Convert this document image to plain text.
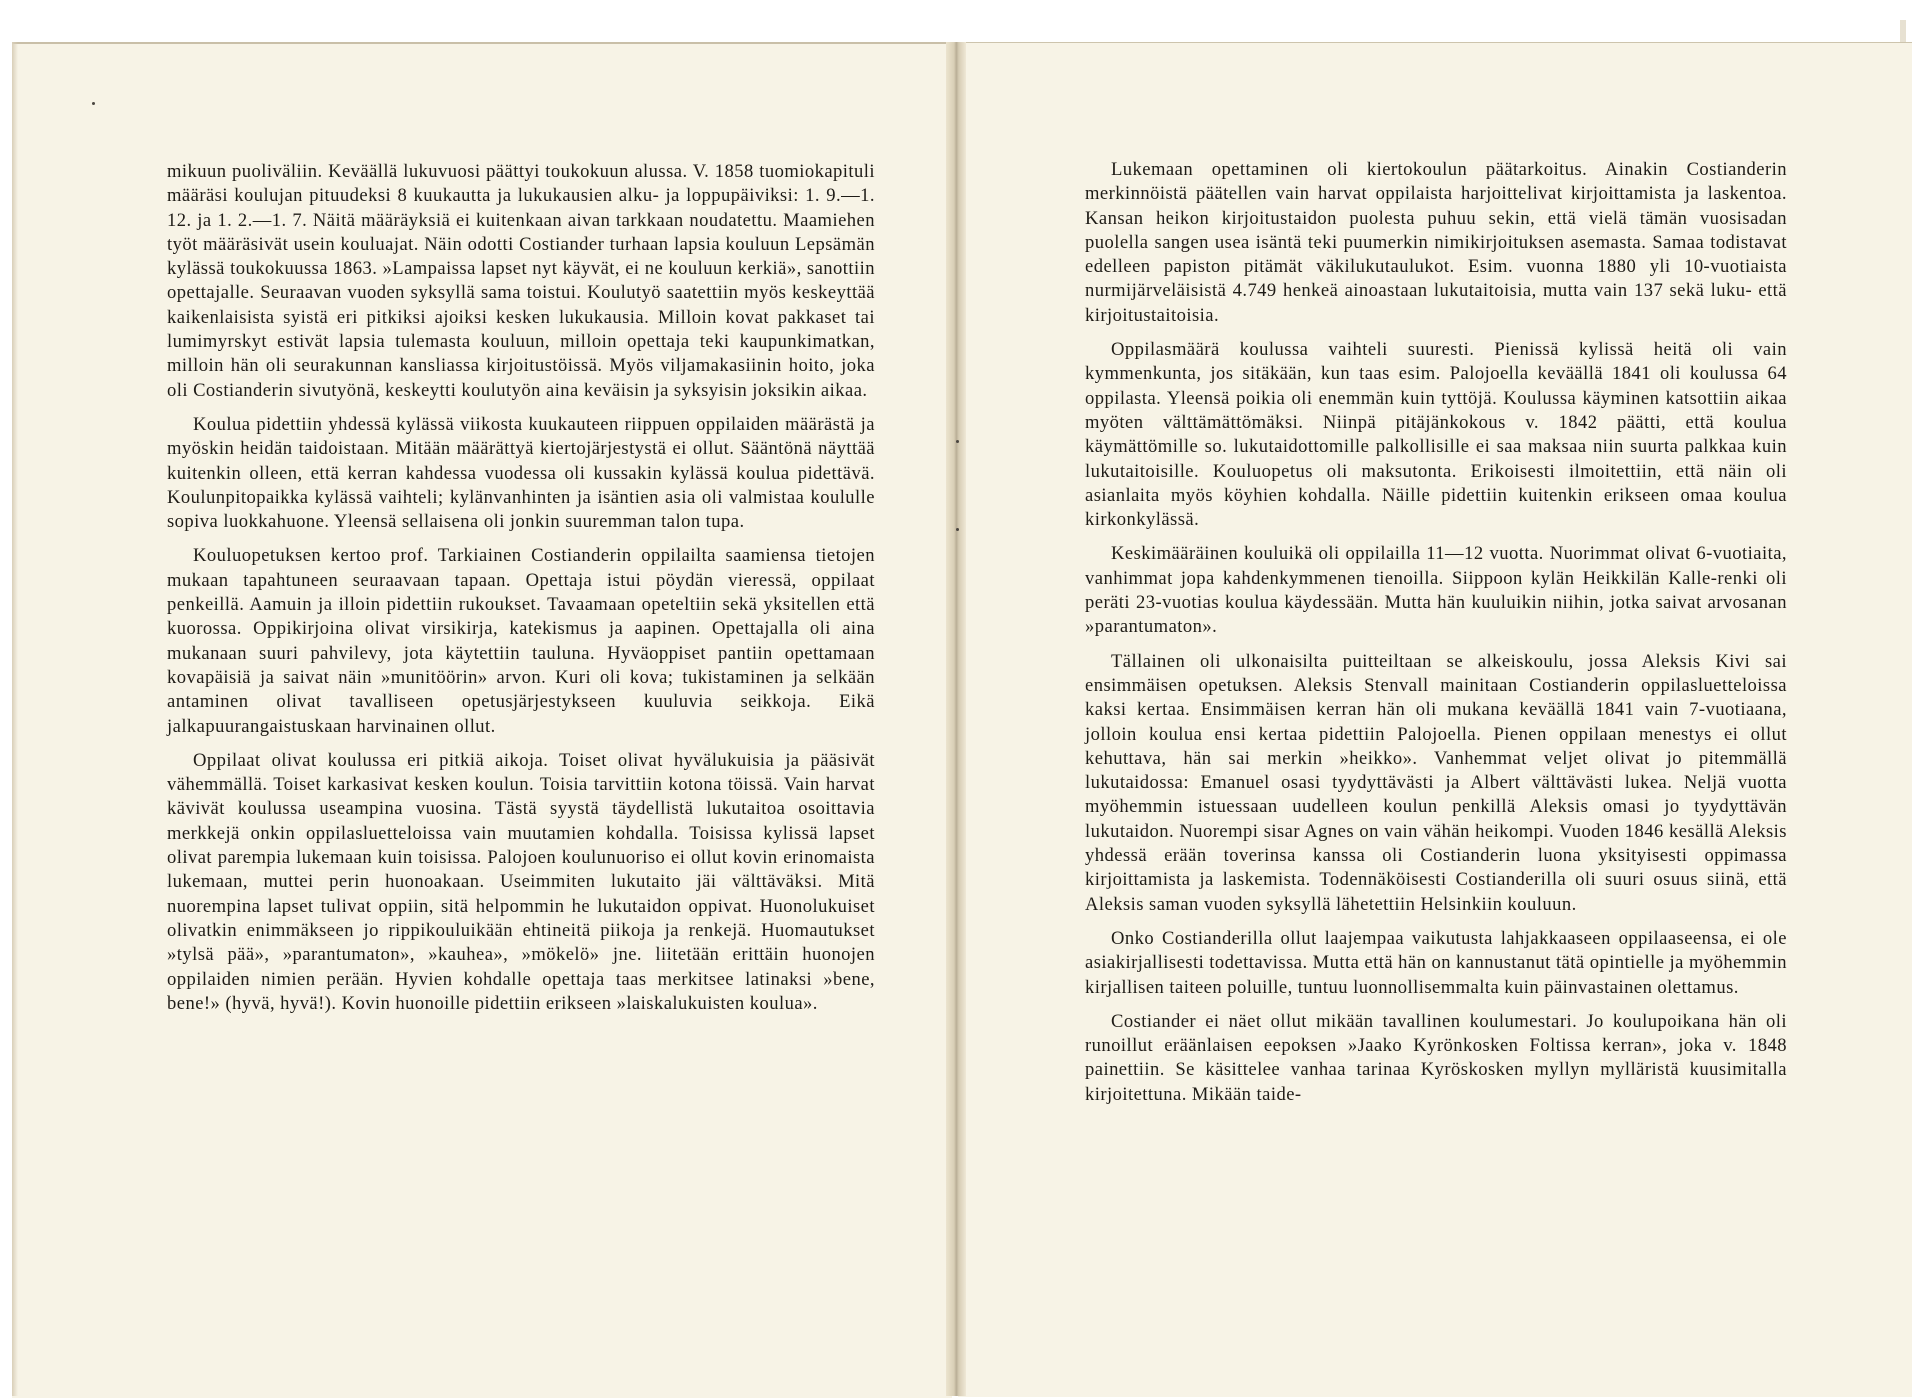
mikuun puoliväliin. Keväällä lukuvuosi päättyi toukokuun alussa. V. 1858 tuomiokapituli määräsi koulujan pituudeksi 8 kuukautta ja lukukausien alku- ja loppupäiviksi: 1. 9.—1. 12. ja 1. 2.—1. 7. Näitä määräyksiä ei kuitenkaan aivan tarkkaan noudatettu. Maamiehen työt määräsivät usein kouluajat. Näin odotti Costiander turhaan lapsia kouluun Lepsämän kylässä toukokuussa 1863. »Lampaissa lapset nyt käyvät, ei ne kouluun kerkiä», sanottiin opettajalle. Seuraavan vuoden syksyllä sama toistui. Koulutyö saatettiin myös keskeyttää kaikenlaisista syistä eri pitkiksi ajoiksi kesken lukukausia. Milloin kovat pakkaset tai lumimyrskyt estivät lapsia tulemasta kouluun, milloin opettaja teki kaupunkimatkan, milloin hän oli seurakunnan kansliassa kirjoitustöissä. Myös viljamakasiinin hoito, joka oli Costianderin sivutyönä, keskeytti koulutyön aina keväisin ja syksyisin joksikin aikaa.

Koulua pidettiin yhdessä kylässä viikosta kuukauteen riippuen oppilaiden määrästä ja myöskin heidän taidoistaan. Mitään määrättyä kiertojärjestystä ei ollut. Sääntönä näyttää kuitenkin olleen, että kerran kahdessa vuodessa oli kussakin kylässä koulua pidettävä. Koulunpitopaikka kylässä vaihteli; kylänvanhinten ja isäntien asia oli valmistaa koululle sopiva luokkahuone. Yleensä sellaisena oli jonkin suuremman talon tupa.

Kouluopetuksen kertoo prof. Tarkiainen Costianderin oppilailta saamiensa tietojen mukaan tapahtuneen seuraavaan tapaan. Opettaja istui pöydän vieressä, oppilaat penkeillä. Aamuin ja illoin pidettiin rukoukset. Tavaamaan opeteltiin sekä yksitellen että kuorossa. Oppikirjoina olivat virsikirja, katekismus ja aapinen. Opettajalla oli aina mukanaan suuri pahvilevy, jota käytettiin tauluna. Hyväoppiset pantiin opettamaan kovapäisiä ja saivat näin »munitöörin» arvon. Kuri oli kova; tukistaminen ja selkään antaminen olivat tavalliseen opetusjärjestykseen kuuluvia seikkoja. Eikä jalkapuurangaistuskaan harvinainen ollut.

Oppilaat olivat koulussa eri pitkiä aikoja. Toiset olivat hyvälukuisia ja pääsivät vähemmällä. Toiset karkasivat kesken koulun. Toisia tarvittiin kotona töissä. Vain harvat kävivät koulussa useampina vuosina. Tästä syystä täydellistä lukutaitoa osoittavia merkkejä onkin oppilasluetteloissa vain muutamien kohdalla. Toisissa kylissä lapset olivat parempia lukemaan kuin toisissa. Palojoen koulunuoriso ei ollut kovin erinomaista lukemaan, muttei perin huonoakaan. Useimmiten lukutaito jäi välttäväksi. Mitä nuorempina lapset tulivat oppiin, sitä helpommin he lukutaidon oppivat. Huonolukuiset olivatkin enimmäkseen jo rippikouluikään ehtineitä piikoja ja renkejä. Huomautukset »tylsä pää», »parantumaton», »kauhea», »mökelö» jne. liitetään erittäin huonojen oppilaiden nimien perään. Hyvien kohdalle opettaja taas merkitsee latinaksi »bene, bene!» (hyvä, hyvä!). Kovin huonoille pidettiin erikseen »laiskalukuisten koulua».

Lukemaan opettaminen oli kiertokoulun päätarkoitus. Ainakin Costianderin merkinnöistä päätellen vain harvat oppilaista harjoittelivat kirjoittamista ja laskentoa. Kansan heikon kirjoitustaidon puolesta puhuu sekin, että vielä tämän vuosisadan puolella sangen usea isäntä teki puumerkin nimikirjoituksen asemasta. Samaa todistavat edelleen papiston pitämät väkilukutaulukot. Esim. vuonna 1880 yli 10-vuotiaista nurmijärveläisistä 4.749 henkeä ainoastaan lukutaitoisia, mutta vain 137 sekä luku- että kirjoitustaitoisia.

Oppilasmäärä koulussa vaihteli suuresti. Pienissä kylissä heitä oli vain kymmenkunta, jos sitäkään, kun taas esim. Palojoella keväällä 1841 oli koulussa 64 oppilasta. Yleensä poikia oli enemmän kuin tyttöjä. Koulussa käyminen katsottiin aikaa myöten välttämättömäksi. Niinpä pitäjänkokous v. 1842 päätti, että koulua käymättömille so. lukutaidottomille palkollisille ei saa maksaa niin suurta palkkaa kuin lukutaitoisille. Kouluopetus oli maksutonta. Erikoisesti ilmoitettiin, että näin oli asianlaita myös köyhien kohdalla. Näille pidettiin kuitenkin erikseen omaa koulua kirkonkylässä.

Keskimääräinen kouluikä oli oppilailla 11—12 vuotta. Nuorimmat olivat 6-vuotiaita, vanhimmat jopa kahdenkymmenen tienoilla. Siippoon kylän Heikkilän Kalle-renki oli peräti 23-vuotias koulua käydessään. Mutta hän kuuluikin niihin, jotka saivat arvosanan »parantumaton».

Tällainen oli ulkonaisilta puitteiltaan se alkeiskoulu, jossa Aleksis Kivi sai ensimmäisen opetuksen. Aleksis Stenvall mainitaan Costianderin oppilasluetteloissa kaksi kertaa. Ensimmäisen kerran hän oli mukana keväällä 1841 vain 7-vuotiaana, jolloin koulua ensi kertaa pidettiin Palojoella. Pienen oppilaan menestys ei ollut kehuttava, hän sai merkin »heikko». Vanhemmat veljet olivat jo pitemmällä lukutaidossa: Emanuel osasi tyydyttävästi ja Albert välttävästi lukea. Neljä vuotta myöhemmin istuessaan uudelleen koulun penkillä Aleksis omasi jo tyydyttävän lukutaidon. Nuorempi sisar Agnes on vain vähän heikompi. Vuoden 1846 kesällä Aleksis yhdessä erään toverinsa kanssa oli Costianderin luona yksityisesti oppimassa kirjoittamista ja laskemista. Todennäköisesti Costianderilla oli suuri osuus siinä, että Aleksis saman vuoden syksyllä lähetettiin Helsinkiin kouluun.

Onko Costianderilla ollut laajempaa vaikutusta lahjakkaaseen oppilaaseensa, ei ole asiakirjallisesti todettavissa. Mutta että hän on kannustanut tätä opintielle ja myöhemmin kirjallisen taiteen poluille, tuntuu luonnollisemmalta kuin päinvastainen olettamus.

Costiander ei näet ollut mikään tavallinen koulumestari. Jo koulupoikana hän oli runoillut eräänlaisen eepoksen »Jaako Kyrönkosken Foltissa kerran», joka v. 1848 painettiin. Se käsittelee vanhaa tarinaa Kyröskosken myllyn mylläristä kuusimitalla kirjoitettuna. Mikään taide-
